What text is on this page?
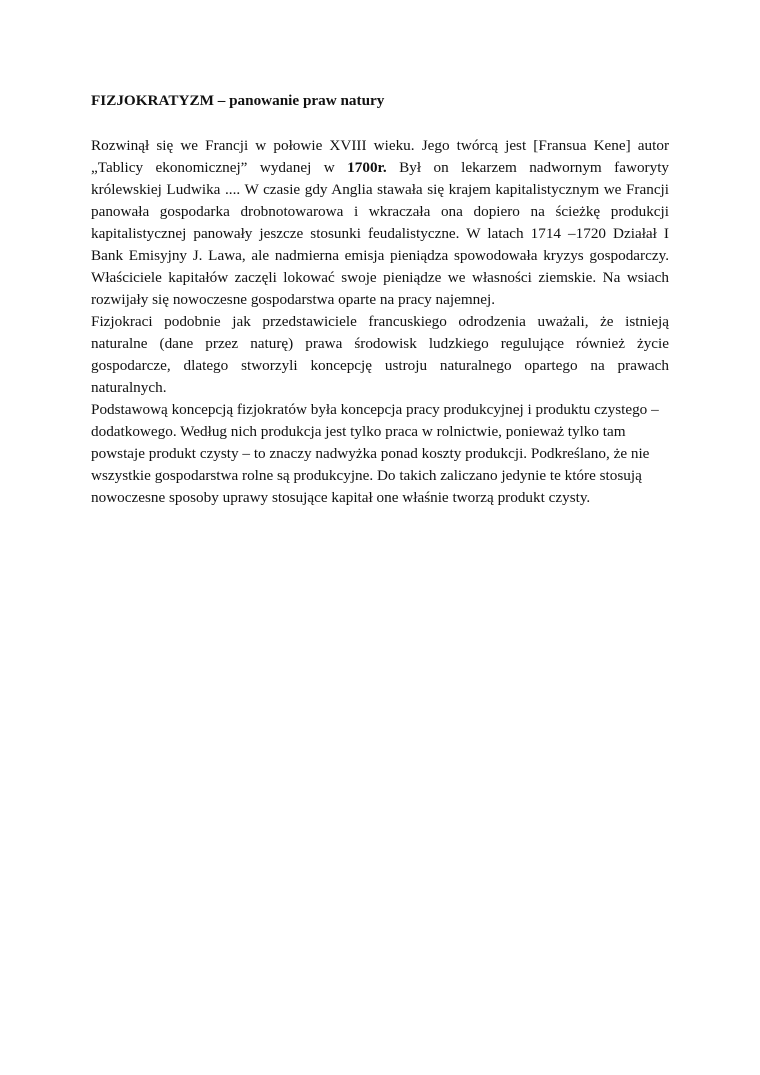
FIZJOKRATYZM – panowanie praw natury
Rozwinął się we Francji w połowie XVIII wieku. Jego twórcą jest [Fransua Kene] autor
„Tablicy ekonomicznej” wydanej w 1700r. Był on lekarzem nadwornym faworyty
królewskiej Ludwika .... W czasie gdy Anglia stawała się krajem kapitalistycznym we Francji
panowała gospodarka drobnotowarowa i wkraczała ona dopiero na ścieżkę produkcji
kapitalistycznej panowały jeszcze stosunki feudalistyczne. W latach 1714 –1720 Działał I
Bank Emisyjny J. Lawa, ale nadmierna emisja pieniądza spowodowała kryzys gospodarczy.
Właściciele kapitałów zaczęli lokować swoje pieniądze we własności ziemskie. Na wsiach
rozwijały się nowoczesne gospodarstwa oparte na pracy najemnej.
Fizjokraci podobnie jak przedstawiciele francuskiego odrodzenia uważali, że istnieją
naturalne (dane przez naturę) prawa środowisk ludzkiego regulujące również życie
gospodarcze, dlatego stworzyli koncepcję ustroju naturalnego opartego na prawach
naturalnych.
Podstawową koncepcją fizjokratów była koncepcja pracy produkcyjnej i produktu czystego –
dodatkowego. Według nich produkcja jest tylko praca w rolnictwie, ponieważ tylko tam
powstaje produkt czysty – to znaczy nadwyżka ponad koszty produkcji. Podkreślano, że nie
wszystkie gospodarstwa rolne są produkcyjne. Do takich zaliczano jedynie te które stosują
nowoczesne sposoby uprawy stosujące kapitał one właśnie tworzą produkt czysty.
